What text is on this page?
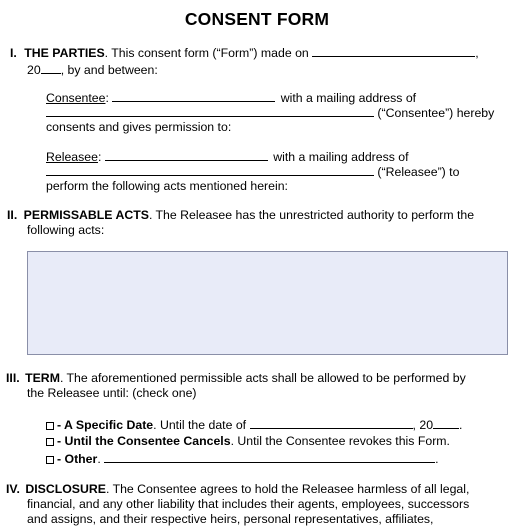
CONSENT FORM
I. THE PARTIES. This consent form (“Form”) made on	,
20 , by and between:
Consentee:	with a mailing address of
(“Consentee”) hereby
consents and gives permission to:
Releasee:	with a mailing address of
(“Releasee”) to
perform the following acts mentioned herein:
II. PERMISSABLE ACTS. The Releasee has the unrestricted authority to perform the
following acts:
III. TERM. The aforementioned permissible acts shall be allowed to be performed by
the Releasee until: (check one)
- A Specific Date. Until the date of	, 20 .
- Until the Consentee Cancels. Until the Consentee revokes this Form.
- Other.	.
IV. DISCLOSURE. The Consentee agrees to hold the Releasee harmless of all legal,
financial, and any other liability that includes their agents, employees, successors
and assigns, and their respective heirs, personal representatives, affiliates,
